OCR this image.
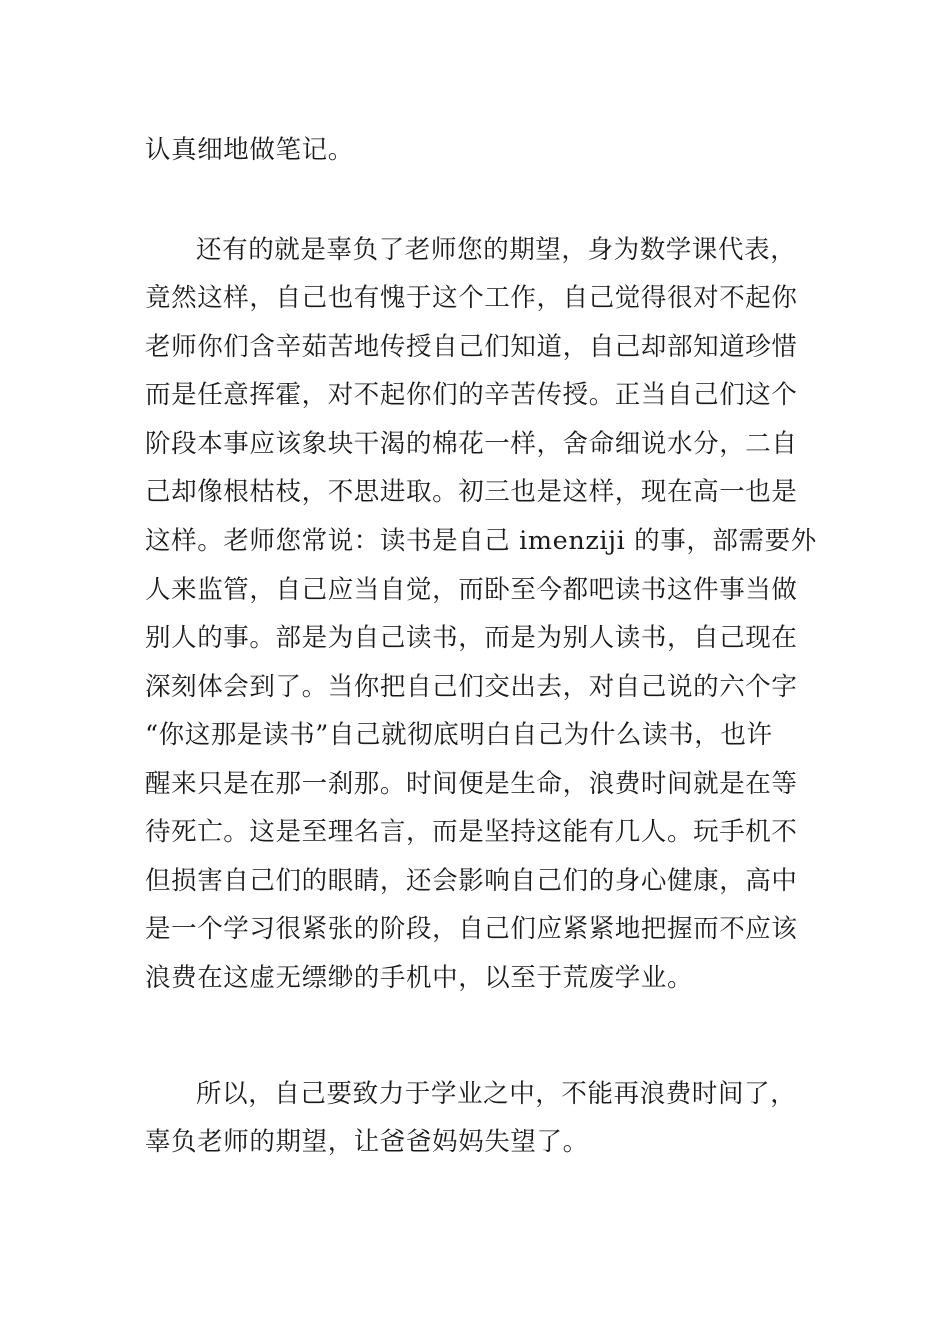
认真细地做笔记。
还有的就是辜负了老师您的期望，身为数学课代表，
竟然这样，自己也有愧于这个工作，自己觉得很对不起你
老师你们含辛茹苦地传授自己们知道，自己却部知道珍惜
而是任意挥霍，对不起你们的辛苦传授。正当自己们这个
阶段本事应该象块干渴的棉花一样，舍命细说水分，二自
己却像根枯枝，不思进取。初三也是这样，现在高一也是
这样。老师您常说：读书是自己 imenziji 的事，部需要外
人来监管，自己应当自觉，而卧至今都吧读书这件事当做
别人的事。部是为自己读书，而是为别人读书，自己现在
深刻体会到了。当你把自己们交出去，对自己说的六个字
“你这那是读书”自己就彻底明白自己为什么读书，也许
醒来只是在那一刹那。时间便是生命，浪费时间就是在等
待死亡。这是至理名言，而是坚持这能有几人。玩手机不
但损害自己们的眼睛，还会影响自己们的身心健康，高中
是一个学习很紧张的阶段，自己们应紧紧地把握而不应该
浪费在这虚无缥缈的手机中，以至于荒废学业。
所以，自己要致力于学业之中，不能再浪费时间了，
辜负老师的期望，让爸爸妈妈失望了。
